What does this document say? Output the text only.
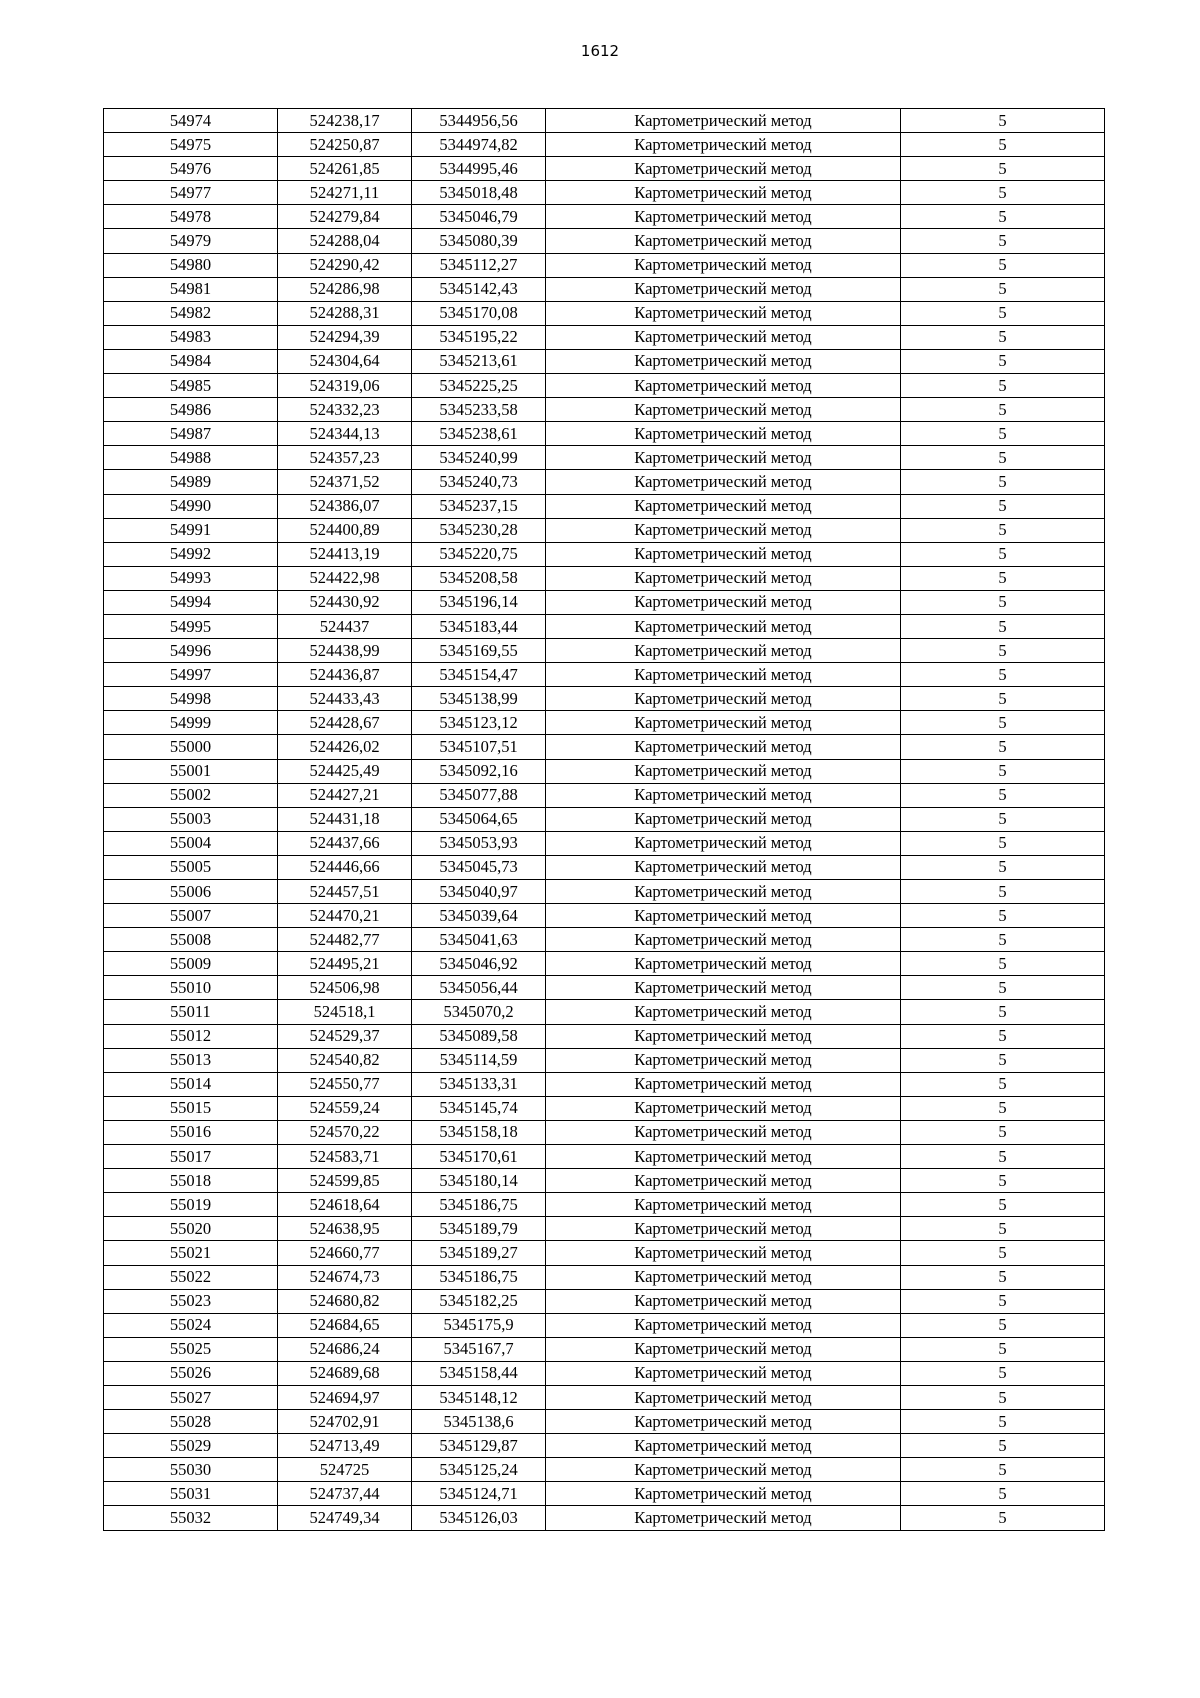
1612
54974	524238,17	5344956,56	Картометрический метод	5
54975	524250,87	5344974,82	Картометрический метод	5
54976	524261,85	5344995,46	Картометрический метод	5
54977	524271,11	5345018,48	Картометрический метод	5
54978	524279,84	5345046,79	Картометрический метод	5
54979	524288,04	5345080,39	Картометрический метод	5
54980	524290,42	5345112,27	Картометрический метод	5
54981	524286,98	5345142,43	Картометрический метод	5
54982	524288,31	5345170,08	Картометрический метод	5
54983	524294,39	5345195,22	Картометрический метод	5
54984	524304,64	5345213,61	Картометрический метод	5
54985	524319,06	5345225,25	Картометрический метод	5
54986	524332,23	5345233,58	Картометрический метод	5
54987	524344,13	5345238,61	Картометрический метод	5
54988	524357,23	5345240,99	Картометрический метод	5
54989	524371,52	5345240,73	Картометрический метод	5
54990	524386,07	5345237,15	Картометрический метод	5
54991	524400,89	5345230,28	Картометрический метод	5
54992	524413,19	5345220,75	Картометрический метод	5
54993	524422,98	5345208,58	Картометрический метод	5
54994	524430,92	5345196,14	Картометрический метод	5
54995	524437	5345183,44	Картометрический метод	5
54996	524438,99	5345169,55	Картометрический метод	5
54997	524436,87	5345154,47	Картометрический метод	5
54998	524433,43	5345138,99	Картометрический метод	5
54999	524428,67	5345123,12	Картометрический метод	5
55000	524426,02	5345107,51	Картометрический метод	5
55001	524425,49	5345092,16	Картометрический метод	5
55002	524427,21	5345077,88	Картометрический метод	5
55003	524431,18	5345064,65	Картометрический метод	5
55004	524437,66	5345053,93	Картометрический метод	5
55005	524446,66	5345045,73	Картометрический метод	5
55006	524457,51	5345040,97	Картометрический метод	5
55007	524470,21	5345039,64	Картометрический метод	5
55008	524482,77	5345041,63	Картометрический метод	5
55009	524495,21	5345046,92	Картометрический метод	5
55010	524506,98	5345056,44	Картометрический метод	5
55011	524518,1	5345070,2	Картометрический метод	5
55012	524529,37	5345089,58	Картометрический метод	5
55013	524540,82	5345114,59	Картометрический метод	5
55014	524550,77	5345133,31	Картометрический метод	5
55015	524559,24	5345145,74	Картометрический метод	5
55016	524570,22	5345158,18	Картометрический метод	5
55017	524583,71	5345170,61	Картометрический метод	5
55018	524599,85	5345180,14	Картометрический метод	5
55019	524618,64	5345186,75	Картометрический метод	5
55020	524638,95	5345189,79	Картометрический метод	5
55021	524660,77	5345189,27	Картометрический метод	5
55022	524674,73	5345186,75	Картометрический метод	5
55023	524680,82	5345182,25	Картометрический метод	5
55024	524684,65	5345175,9	Картометрический метод	5
55025	524686,24	5345167,7	Картометрический метод	5
55026	524689,68	5345158,44	Картометрический метод	5
55027	524694,97	5345148,12	Картометрический метод	5
55028	524702,91	5345138,6	Картометрический метод	5
55029	524713,49	5345129,87	Картометрический метод	5
55030	524725	5345125,24	Картометрический метод	5
55031	524737,44	5345124,71	Картометрический метод	5
55032	524749,34	5345126,03	Картометрический метод	5
